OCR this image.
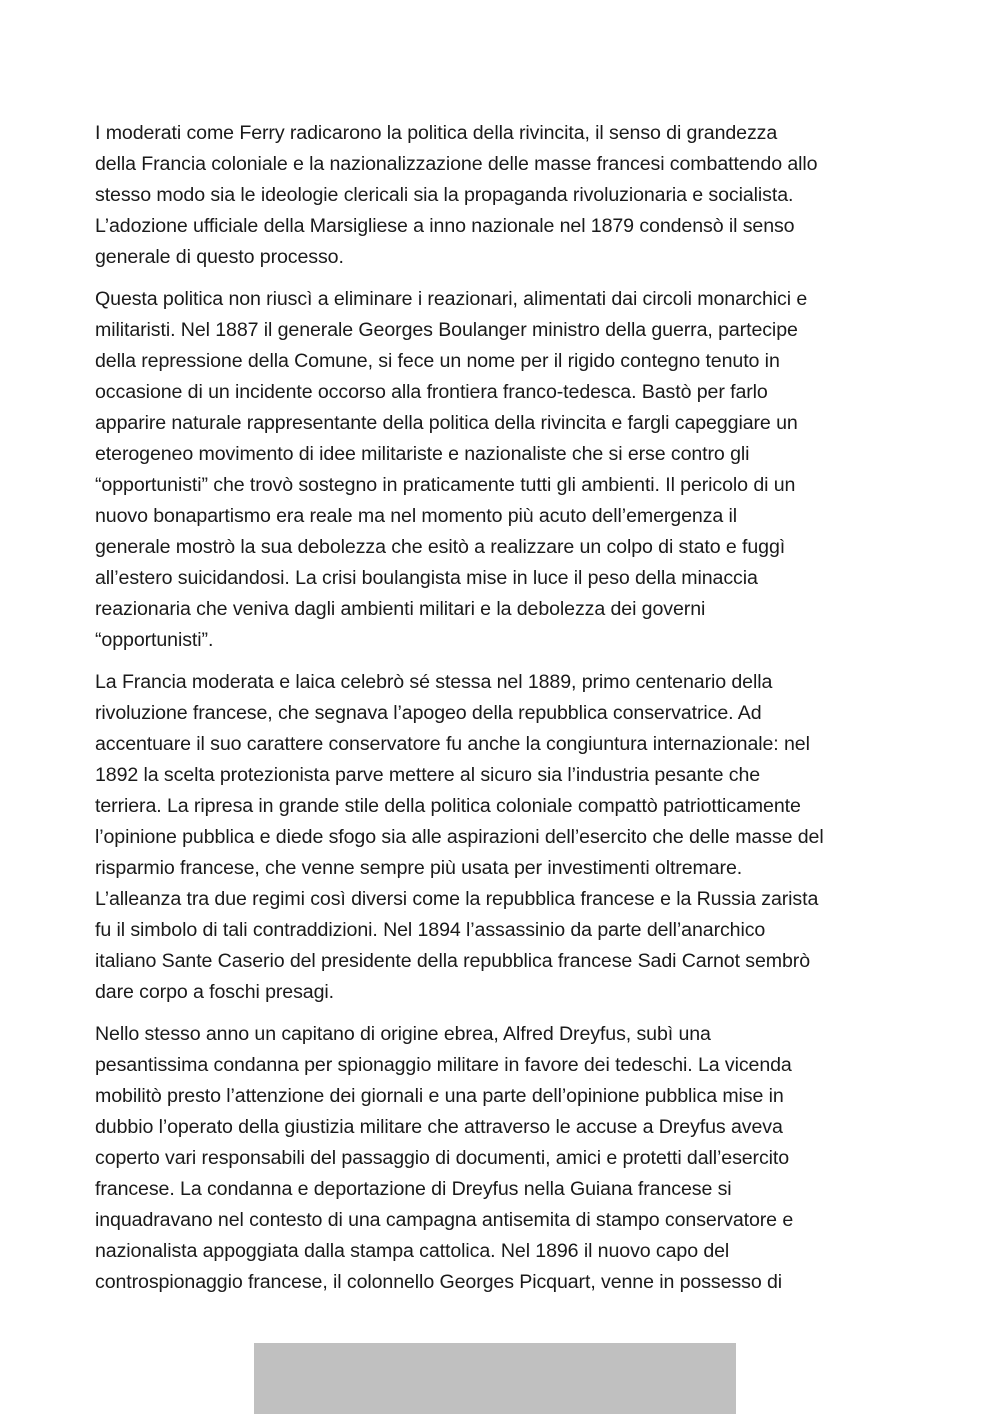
I moderati come Ferry radicarono la politica della rivincita, il senso di grandezza
della Francia coloniale e la nazionalizzazione delle masse francesi combattendo allo
stesso modo sia le ideologie clericali sia la propaganda rivoluzionaria e socialista.
L’adozione ufficiale della Marsigliese a inno nazionale nel 1879 condensò il senso
generale di questo processo.

Questa politica non riuscì a eliminare i reazionari, alimentati dai circoli monarchici e
militaristi. Nel 1887 il generale Georges Boulanger ministro della guerra, partecipe
della repressione della Comune, si fece un nome per il rigido contegno tenuto in
occasione di un incidente occorso alla frontiera franco-tedesca. Bastò per farlo
apparire naturale rappresentante della politica della rivincita e fargli capeggiare un
eterogeneo movimento di idee militariste e nazionaliste che si erse contro gli
“opportunisti” che trovò sostegno in praticamente tutti gli ambienti. Il pericolo di un
nuovo bonapartismo era reale ma nel momento più acuto dell’emergenza il
generale mostrò la sua debolezza che esitò a realizzare un colpo di stato e fuggì
all’estero suicidandosi. La crisi boulangista mise in luce il peso della minaccia
reazionaria che veniva dagli ambienti militari e la debolezza dei governi
“opportunisti”.

La Francia moderata e laica celebrò sé stessa nel 1889, primo centenario della
rivoluzione francese, che segnava l’apogeo della repubblica conservatrice. Ad
accentuare il suo carattere conservatore fu anche la congiuntura internazionale: nel
1892 la scelta protezionista parve mettere al sicuro sia l’industria pesante che
terriera. La ripresa in grande stile della politica coloniale compattò patriotticamente
l’opinione pubblica e diede sfogo sia alle aspirazioni dell’esercito che delle masse del
risparmio francese, che venne sempre più usata per investimenti oltremare.
L’alleanza tra due regimi così diversi come la repubblica francese e la Russia zarista
fu il simbolo di tali contraddizioni. Nel 1894 l’assassinio da parte dell’anarchico
italiano Sante Caserio del presidente della repubblica francese Sadi Carnot sembrò
dare corpo a foschi presagi.

Nello stesso anno un capitano di origine ebrea, Alfred Dreyfus, subì una
pesantissima condanna per spionaggio militare in favore dei tedeschi. La vicenda
mobilitò presto l’attenzione dei giornali e una parte dell’opinione pubblica mise in
dubbio l’operato della giustizia militare che attraverso le accuse a Dreyfus aveva
coperto vari responsabili del passaggio di documenti, amici e protetti dall’esercito
francese. La condanna e deportazione di Dreyfus nella Guiana francese si
inquadravano nel contesto di una campagna antisemita di stampo conservatore e
nazionalista appoggiata dalla stampa cattolica. Nel 1896 il nuovo capo del
controspionaggio francese, il colonnello Georges Picquart, venne in possesso di
